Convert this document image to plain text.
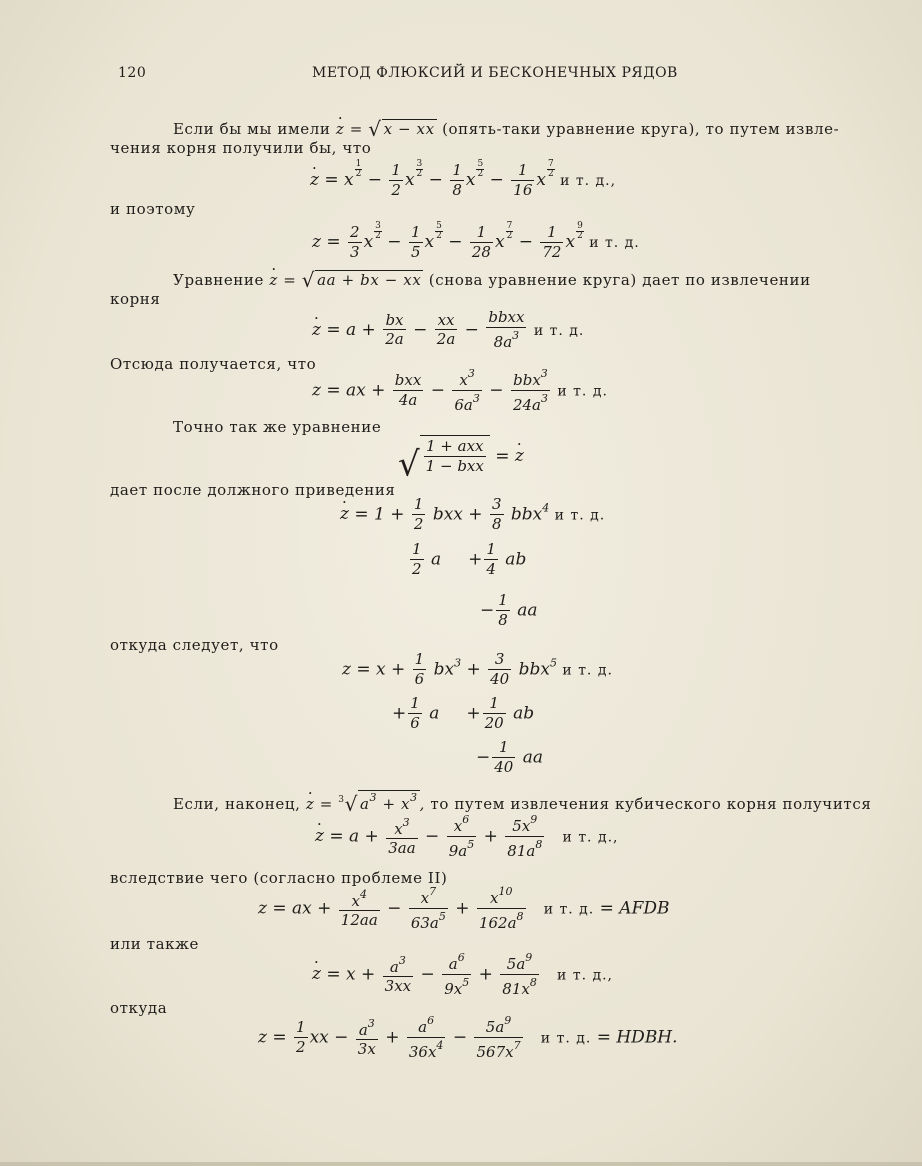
120	МЕТОД ФЛЮКСИЙ И БЕСКОНЕЧНЫХ РЯДОВ
Если бы мы имели · z = √ x − xx (опять-таки уравнение круга), то путем извле-
чения корня получили бы, что
· z = x
$\frac{1}{2}$
− $\frac{1}{2}$ x
$\frac{3}{2}$
− $\frac{1}{8}$ x
$\frac{5}{2}$
− $\frac{1}{16}$ x
$\frac{7}{2}$
и т. д.,
и поэтому
$z = \frac{2}{3}$ x
$\frac{3}{2}$
− $\frac{1}{5}$ x
$\frac{5}{2}$
− $\frac{1}{28}$ x
$\frac{7}{2}$
− $\frac{1}{72}$ x
$\frac{9}{2}$
и т. д.
Уравнение · z = √ aa + bx − xx (снова уравнение круга) дает по извлечении
корня
· $z = a + \frac{bx}{2a} - \frac{xx}{2a} - \frac{\text{bbxx}}{8a^3}$ и т. д.
Отсюда получается, что
z = ax + $\frac{\text{bxx}}{4a} - \frac{x^3}{6a^3} - \frac{bbx^3}{24a^3}$ и т. д.
Точно так же уравнение
√ $\frac{\text{1 + axx}}{\text{1 − bxx}}$ = · z
дает после должного приведения
· $z = 1 + \frac{1}{2}$ bxx + $\frac{3}{8} bbx^4$ и т. д.
$\frac{1}{2}$ a     + $\frac{1}{4}$ ab
− $\frac{1}{8}$ aa
откуда следует, что
$z = x + \frac{1}{6} bx^3 + \frac{3}{40} bbx^5$ и т. д.
+ $\frac{1}{6}$ a     + $\frac{1}{20}$ ab
− $\frac{1}{40}$ aa
Если, наконец, · z = $^3$√ $a^3 + x^3$ , то путем извлечения кубического корня получится
· $z = a + \frac{x^3}{3aa} - \frac{x^6}{9a^5} + \frac{5x^9}{81a^8}$ и т. д.,
вследствие чего (согласно проблеме II)
z = ax + $\frac{x^4}{12aa} - \frac{x^7}{63a^5} + \frac{x^{10}}{162a^8}$ и т. д. = AFDB
или также
· $z = x + \frac{a^3}{3xx} - \frac{a^6}{9x^5} + \frac{5a^9}{81x^8}$ и т. д.,
откуда
$z = \frac{1}{2}$ xx − $\frac{a^3}{3x} + \frac{a^6}{36x^4} - \frac{5a^9}{567x^7}$ и т. д. = HDBH.
